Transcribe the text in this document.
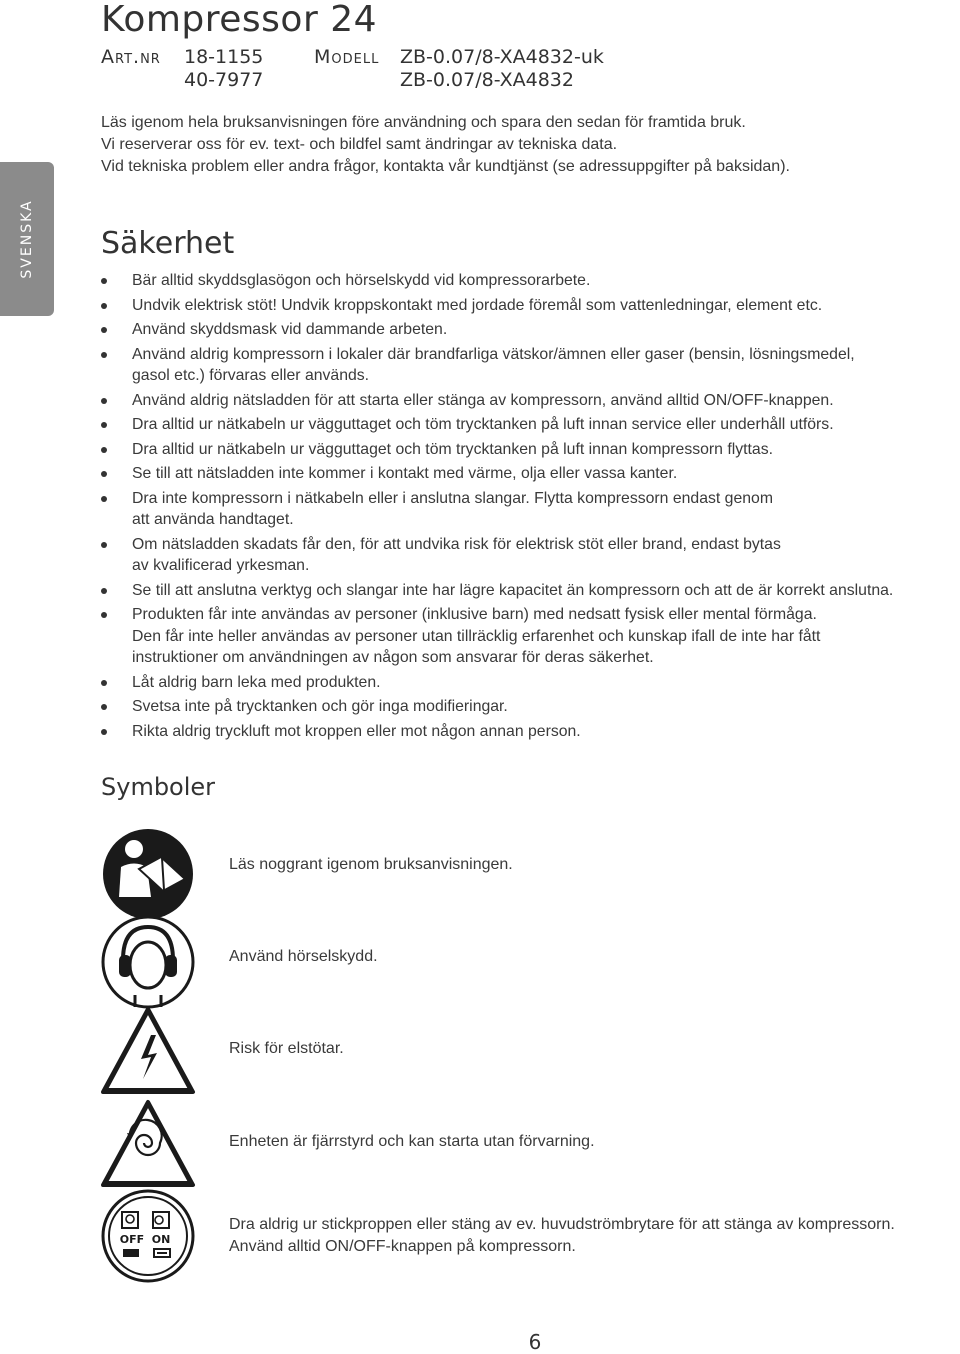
Kompressor 24
Art.nr 18-1155	Modell ZB-0.07/8-XA4832-uk
40-7977	ZB-0.07/8-XA4832
Läs igenom hela bruksanvisningen före användning och spara den sedan för framtida bruk.
Vi reserverar oss för ev. text- och bildfel samt ändringar av tekniska data.
Vid tekniska problem eller andra frågor, kontakta vår kundtjänst (se adressuppgifter på baksidan).
SVENSKA Säkerhet
Bär alltid skyddsglasögon och hörselskydd vid kompressorarbete.
Undvik elektrisk stöt! Undvik kroppskontakt med jordade föremål som vattenledningar, element etc.
Använd skyddsmask vid dammande arbeten.
Använd aldrig kompressorn i lokaler där brandfarliga vätskor/ämnen eller gaser (bensin, lösningsmedel,
gasol etc.) förvaras eller används.
Använd aldrig nätsladden för att starta eller stänga av kompressorn, använd alltid ON/OFF-knappen.
Dra alltid ur nätkabeln ur vägguttaget och töm trycktanken på luft innan service eller underhåll utförs.
Dra alltid ur nätkabeln ur vägguttaget och töm trycktanken på luft innan kompressorn flyttas.
Se till att nätsladden inte kommer i kontakt med värme, olja eller vassa kanter.
Dra inte kompressorn i nätkabeln eller i anslutna slangar. Flytta kompressorn endast genom
att använda handtaget.
Om nätsladden skadats får den, för att undvika risk för elektrisk stöt eller brand, endast bytas
av kvalificerad yrkesman.
Se till att anslutna verktyg och slangar inte har lägre kapacitet än kompressorn och att de är korrekt anslutna.
Produkten får inte användas av personer (inklusive barn) med nedsatt fysisk eller mental förmåga.
Den får inte heller användas av personer utan tillräcklig erfarenhet och kunskap ifall de inte har fått
instruktioner om användningen av någon som ansvarar för deras säkerhet.
Låt aldrig barn leka med produkten.
Svetsa inte på trycktanken och gör inga modifieringar.
Rikta aldrig tryckluft mot kroppen eller mot någon annan person.
Symboler
Läs noggrant igenom bruksanvisningen.
Använd hörselskydd.
Risk för elstötar.
Enheten är fjärrstyrd och kan starta utan förvarning.
OFF ON
Dra aldrig ur stickproppen eller stäng av ev. huvudströmbrytare för att stänga av kompressorn.
Använd alltid ON/OFF-knappen på kompressorn.
6
